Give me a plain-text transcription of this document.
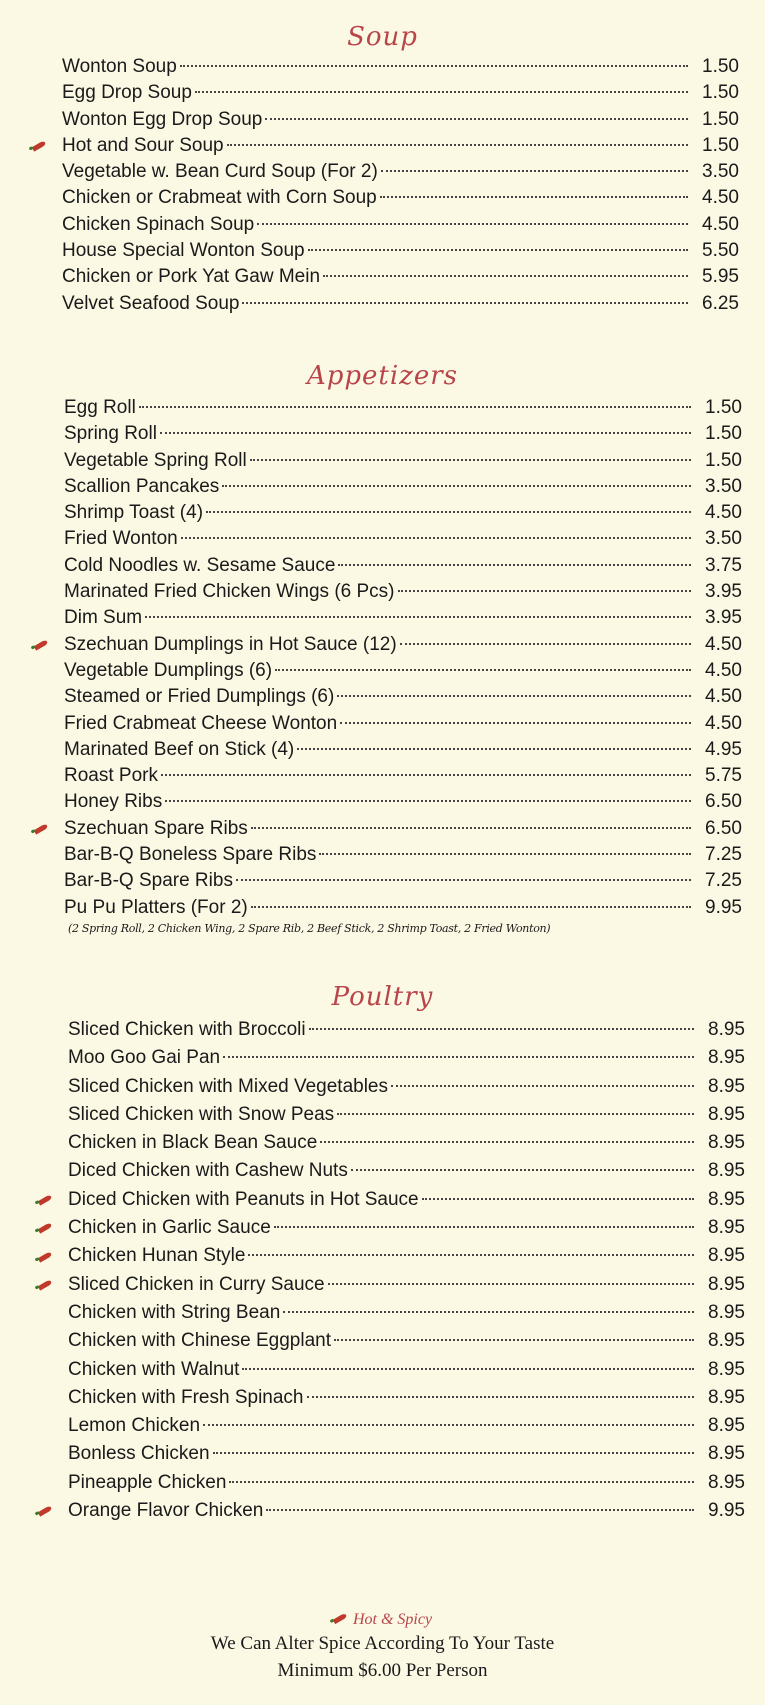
Soup
Wonton Soup	1.50
Egg Drop Soup	1.50
Wonton Egg Drop Soup	1.50
Hot and Sour Soup	1.50
Vegetable w. Bean Curd Soup (For 2)	3.50
Chicken or Crabmeat with Corn Soup	4.50
Chicken Spinach Soup	4.50
House Special Wonton Soup	5.50
Chicken or Pork Yat Gaw Mein	5.95
Velvet Seafood Soup	6.25
Appetizers
Egg Roll	1.50
Spring Roll	1.50
Vegetable Spring Roll	1.50
Scallion Pancakes	3.50
Shrimp Toast (4)	4.50
Fried Wonton	3.50
Cold Noodles w. Sesame Sauce	3.75
Marinated Fried Chicken Wings (6 Pcs)	3.95
Dim Sum	3.95
Szechuan Dumplings in Hot Sauce (12)	4.50
Vegetable Dumplings (6)	4.50
Steamed or Fried Dumplings (6)	4.50
Fried Crabmeat Cheese Wonton	4.50
Marinated Beef on Stick (4)	4.95
Roast Pork	5.75
Honey Ribs	6.50
Szechuan Spare Ribs	6.50
Bar-B-Q Boneless Spare Ribs	7.25
Bar-B-Q Spare Ribs	7.25
Pu Pu Platters (For 2)	9.95
(2 Spring Roll, 2 Chicken Wing, 2 Spare Rib, 2 Beef Stick, 2 Shrimp Toast, 2 Fried Wonton)
Poultry
Sliced Chicken with Broccoli	8.95
Moo Goo Gai Pan	8.95
Sliced Chicken with Mixed Vegetables	8.95
Sliced Chicken with Snow Peas	8.95
Chicken in Black Bean Sauce	8.95
Diced Chicken with Cashew Nuts	8.95
Diced Chicken with Peanuts in Hot Sauce	8.95
Chicken in Garlic Sauce	8.95
Chicken Hunan Style	8.95
Sliced Chicken in Curry Sauce	8.95
Chicken with String Bean	8.95
Chicken with Chinese Eggplant	8.95
Chicken with Walnut	8.95
Chicken with Fresh Spinach	8.95
Lemon Chicken	8.95
Bonless Chicken	8.95
Pineapple Chicken	8.95
Orange Flavor Chicken	9.95
Hot & Spicy
We Can Alter Spice According To Your Taste
Minimum $6.00 Per Person
